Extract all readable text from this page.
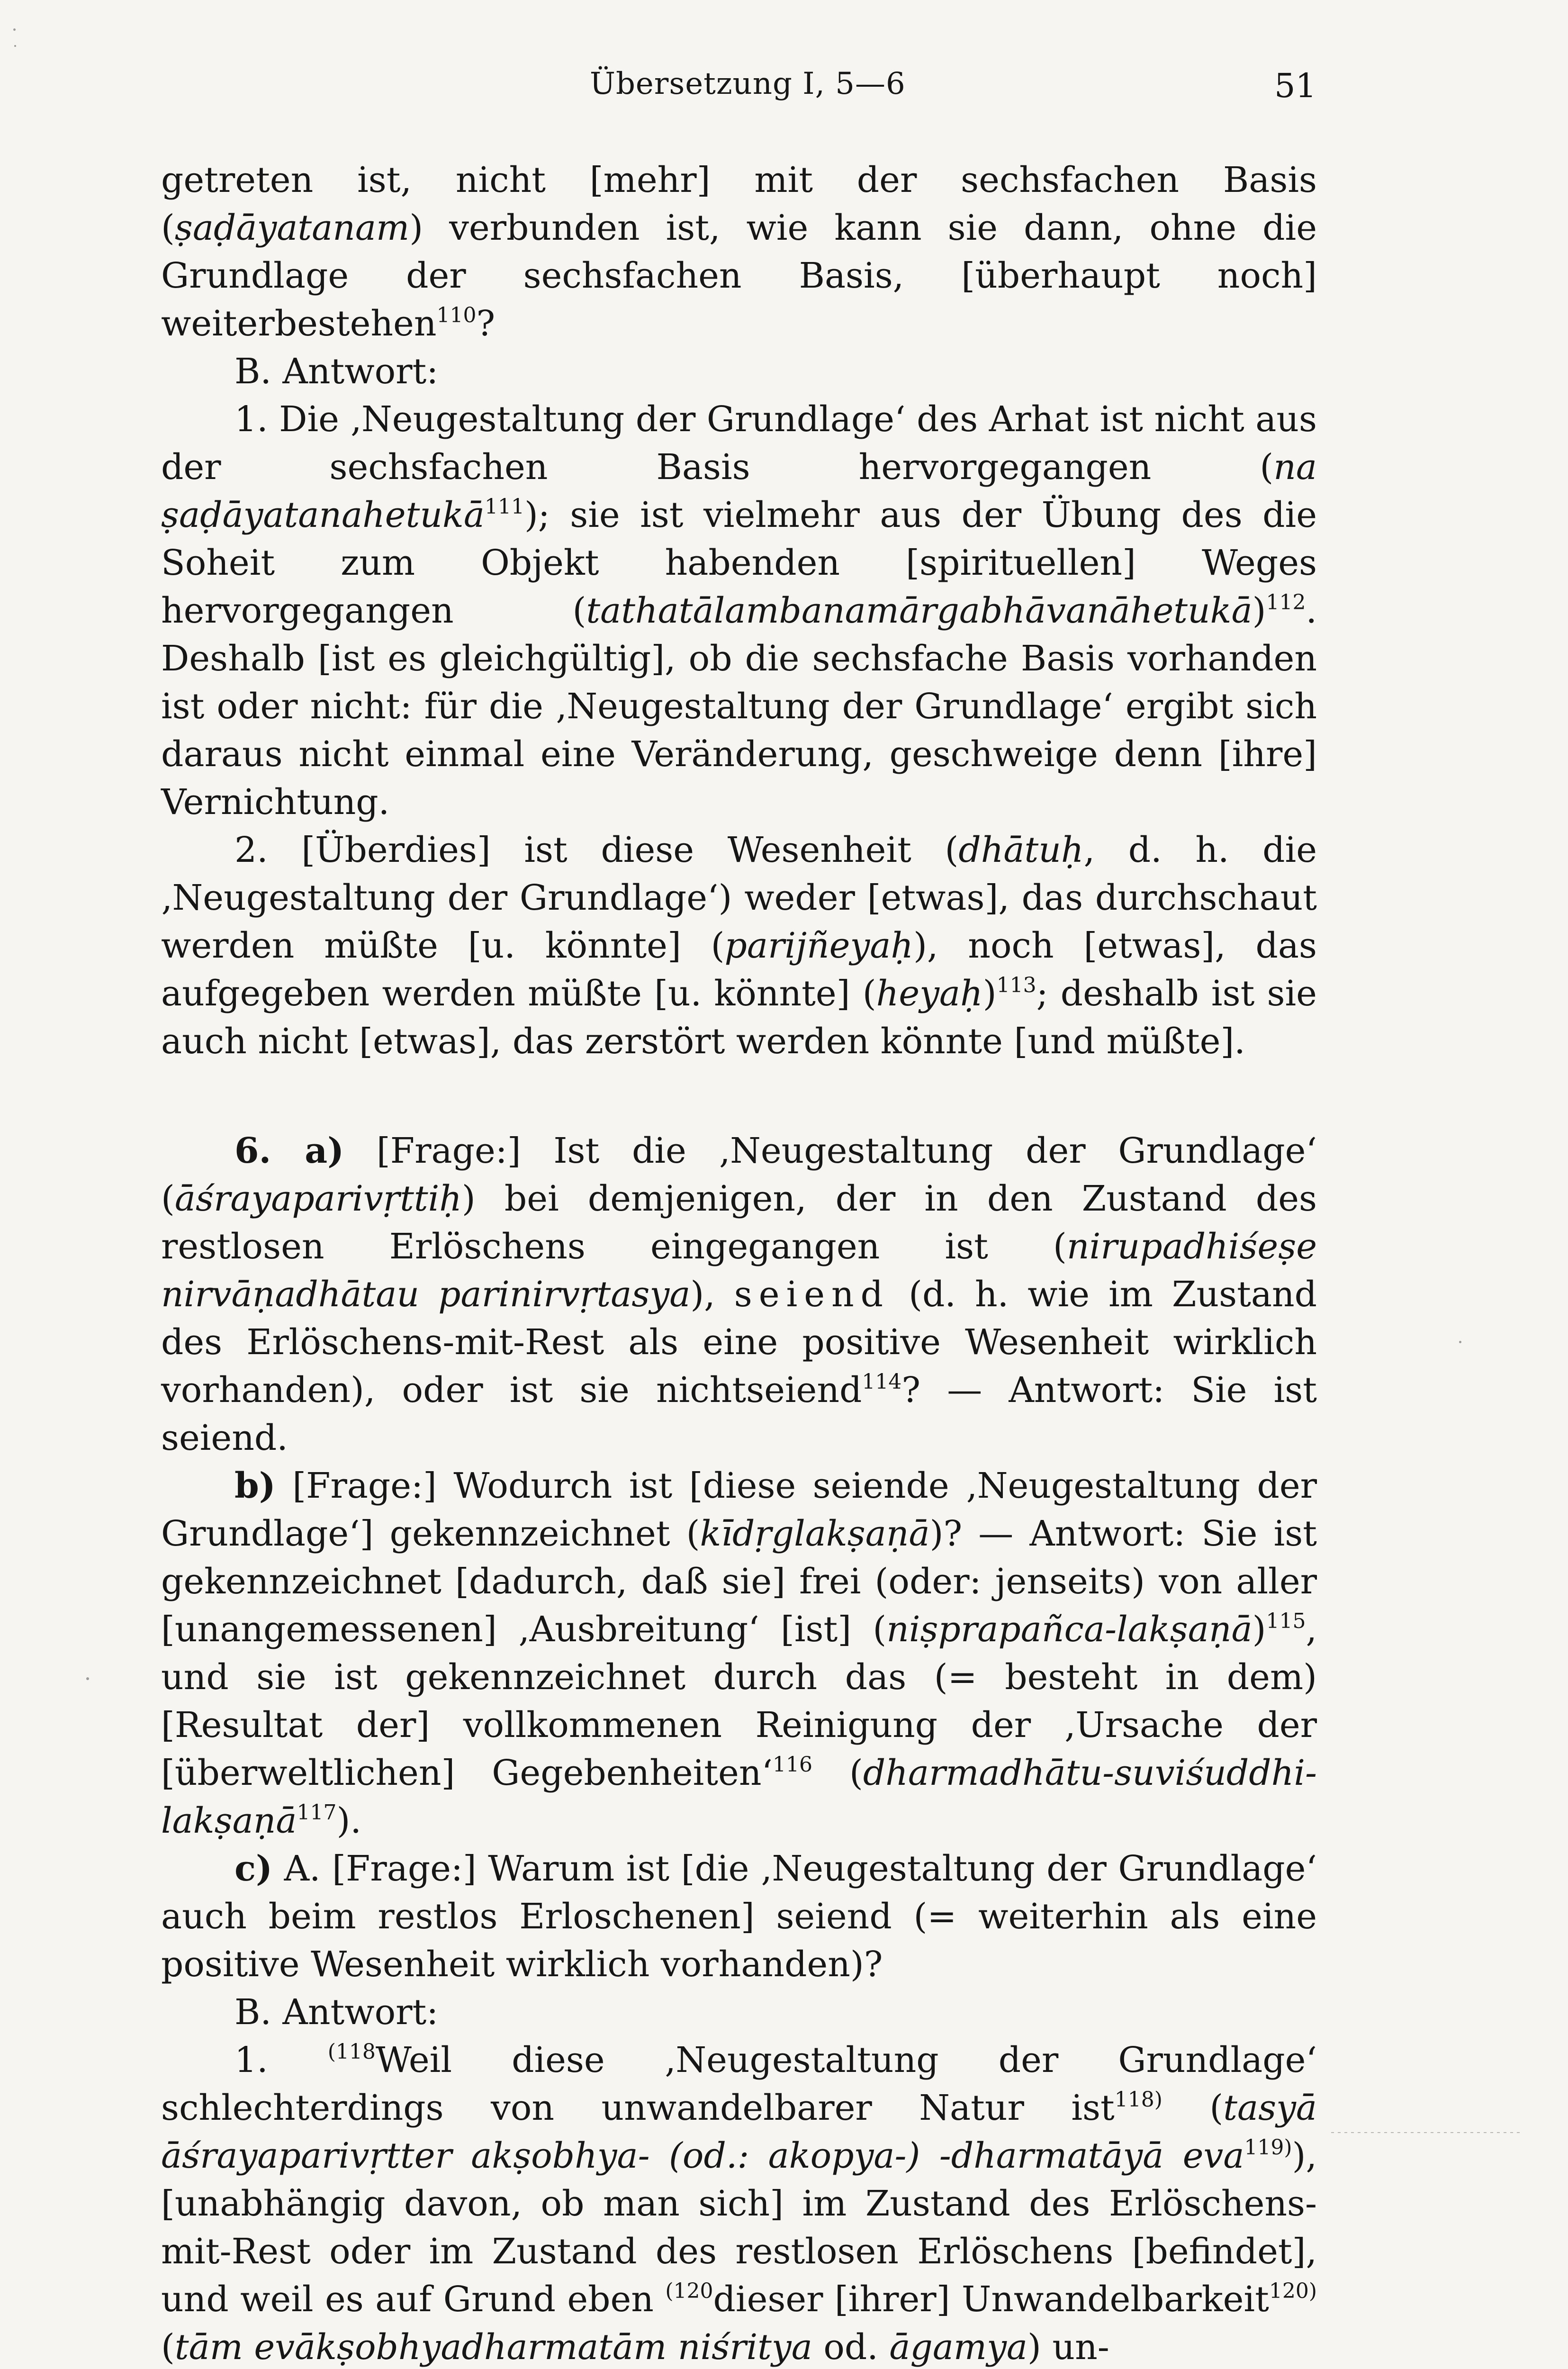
Übersetzung I, 5—6	51

getreten ist, nicht [mehr] mit der sechsfachen Basis (ṣaḍāyatanam) verbunden ist, wie kann sie dann, ohne die Grundlage der sechsfachen Basis, [überhaupt noch] weiterbestehen$^{110}$?

B. Antwort:

1. Die ‚Neugestaltung der Grundlage‘ des Arhat ist nicht aus der sechsfachen Basis hervorgegangen (na ṣaḍāyatanahetukā$^{111}$); sie ist vielmehr aus der Übung des die Soheit zum Objekt habenden [spirituellen] Weges hervorgegangen (tathatālambanamārgabhāvanāhetukā)$^{112}$. Deshalb [ist es gleichgültig], ob die sechsfache Basis vorhanden ist oder nicht: für die ‚Neugestaltung der Grundlage‘ ergibt sich daraus nicht einmal eine Veränderung, geschweige denn [ihre] Vernichtung.

2. [Überdies] ist diese Wesenheit (dhātuḥ, d. h. die ‚Neugestaltung der Grundlage‘) weder [etwas], das durchschaut werden müßte [u. könnte] (parijñeyaḥ), noch [etwas], das aufgegeben werden müßte [u. könnte] (heyaḥ)$^{113}$; deshalb ist sie auch nicht [etwas], das zerstört werden könnte [und müßte].

6. a) [Frage:] Ist die ‚Neugestaltung der Grundlage‘ (āśrayaparivṛttiḥ) bei demjenigen, der in den Zustand des restlosen Erlöschens eingegangen ist (nirupadhiśeṣe nirvāṇadhātau parinirvṛtasya), seiend (d. h. wie im Zustand des Erlöschens-mit-Rest als eine positive Wesenheit wirklich vorhanden), oder ist sie nichtseiend$^{114}$? — Antwort: Sie ist seiend.

b) [Frage:] Wodurch ist [diese seiende ‚Neugestaltung der Grundlage‘] gekennzeichnet (kīdṛglakṣaṇā)? — Antwort: Sie ist gekennzeichnet [dadurch, daß sie] frei (oder: jenseits) von aller [unangemessenen] ‚Ausbreitung‘ [ist] (niṣprapañca-lakṣaṇā)$^{115}$, und sie ist gekennzeichnet durch das (= besteht in dem) [Resultat der] vollkommenen Reinigung der ‚Ursache der [überweltlichen] Gegebenheiten‘$^{116}$ (dharmadhātu-suviśuddhi-lakṣaṇā$^{117}$).

c) A. [Frage:] Warum ist [die ‚Neugestaltung der Grundlage‘ auch beim restlos Erloschenen] seiend (= weiterhin als eine positive Wesenheit wirklich vorhanden)?

B. Antwort:

1. $^{(118}$Weil diese ‚Neugestaltung der Grundlage‘ schlechterdings von unwandelbarer Natur ist$^{118)}$ (tasyā āśrayaparivṛtter akṣobhya- (od.: akopya-) -dharmatāyā eva$^{119)}$), [unabhängig davon, ob man sich] im Zustand des Erlöschens-mit-Rest oder im Zustand des restlosen Erlöschens [befindet], und weil es auf Grund eben $^{(120}$dieser [ihrer] Unwandelbarkeit$^{120)}$ (tām evākṣobhyadharmatām niśritya od. āgamya) un-
